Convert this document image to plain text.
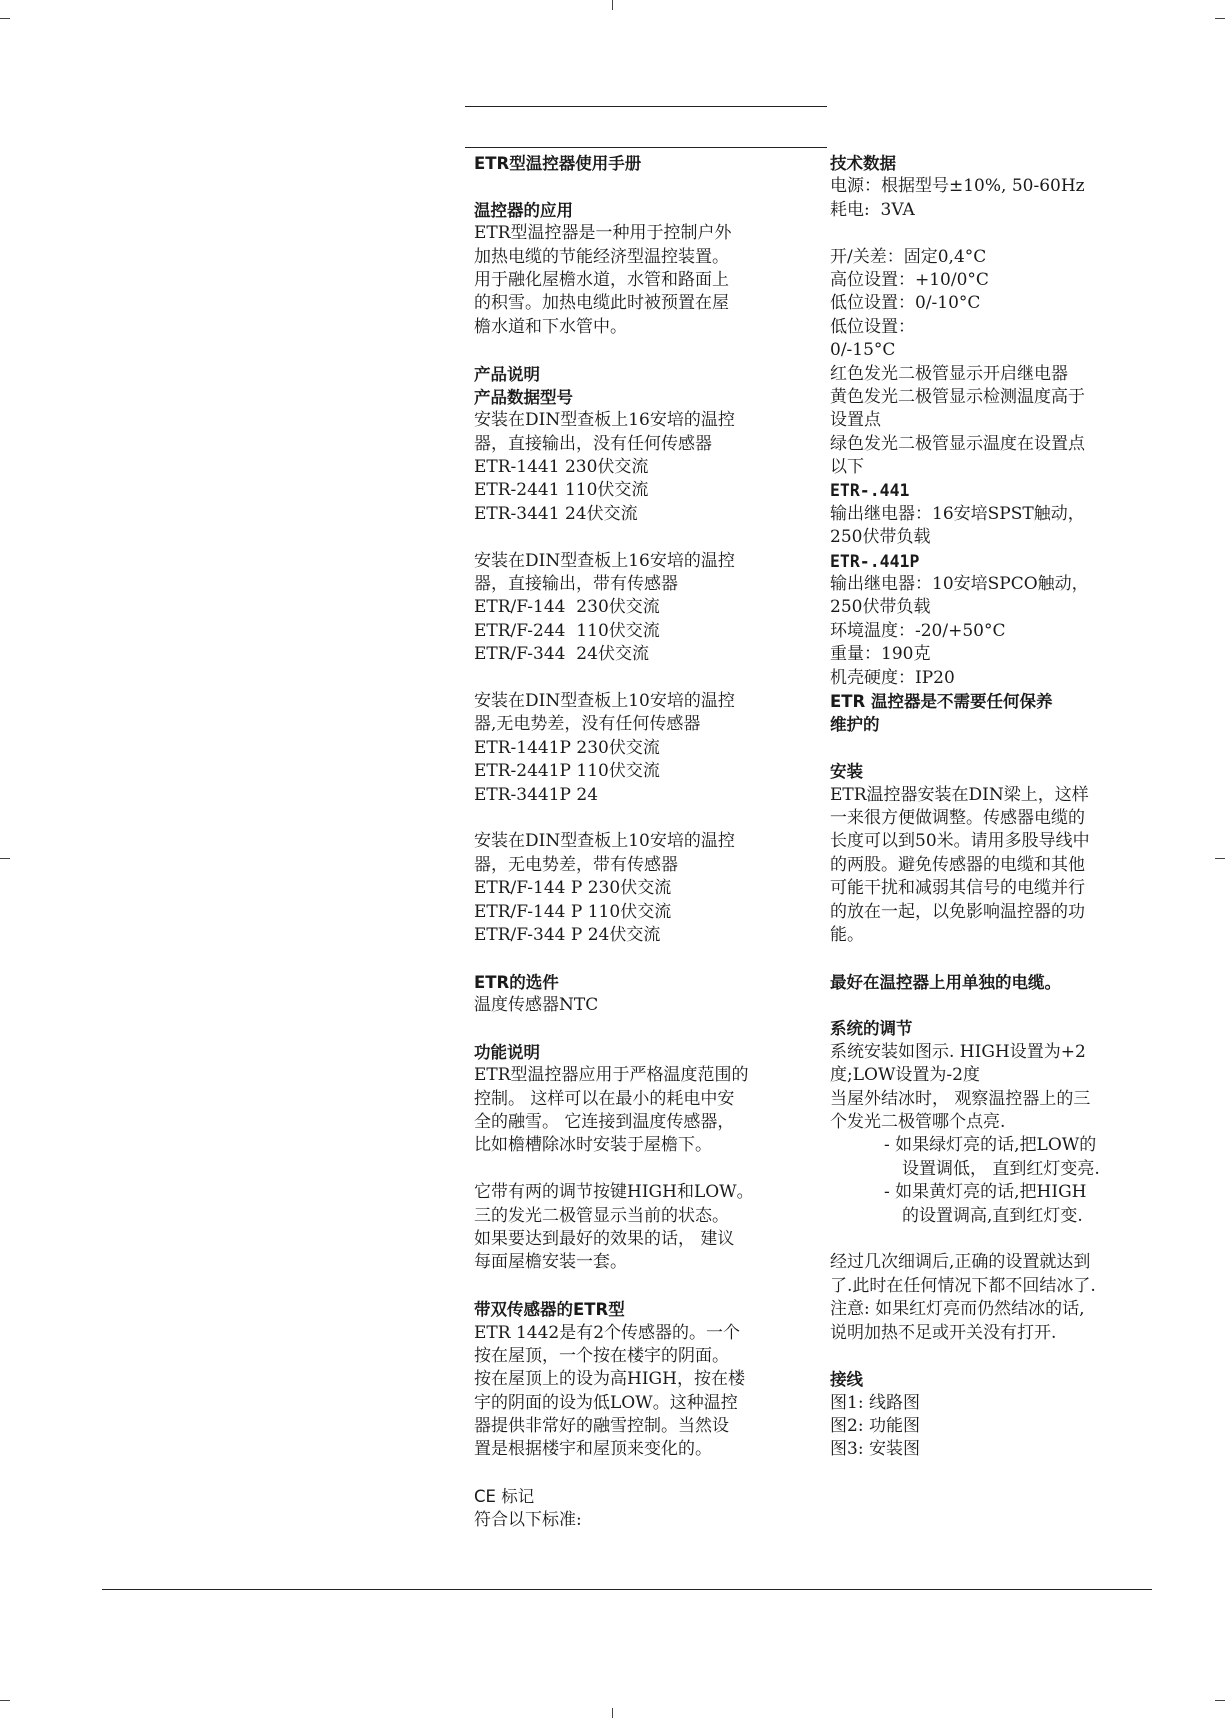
ETR型温控器使用手册
温控器的应用
ETR型温控器是一种用于控制户外
加热电缆的节能经济型温控装置。
用于融化屋檐水道，水管和路面上
的积雪。加热电缆此时被预置在屋
檐水道和下水管中。
产品说明
产品数据型号
安装在DIN型查板上16安培的温控
器，直接输出，没有任何传感器
ETR-1441 230伏交流
ETR-2441 110伏交流
ETR-3441 24伏交流
安装在DIN型查板上16安培的温控
器，直接输出，带有传感器
ETR/F-144  230伏交流
ETR/F-244  110伏交流
ETR/F-344  24伏交流
安装在DIN型查板上10安培的温控
器,无电势差，没有任何传感器
ETR-1441P 230伏交流
ETR-2441P 110伏交流
ETR-3441P 24
安装在DIN型查板上10安培的温控
器，无电势差，带有传感器
ETR/F-144 P 230伏交流
ETR/F-144 P 110伏交流
ETR/F-344 P 24伏交流
ETR的选件
温度传感器NTC
功能说明
ETR型温控器应用于严格温度范围的
控制。 这样可以在最小的耗电中安
全的融雪。 它连接到温度传感器，
比如檐槽除冰时安装于屋檐下。
它带有两的调节按键HIGH和LOW。
三的发光二极管显示当前的状态。
如果要达到最好的效果的话， 建议
每面屋檐安装一套。
带双传感器的ETR型
ETR 1442是有2个传感器的。一个
按在屋顶，一个按在楼宇的阴面。
按在屋顶上的设为高HIGH，按在楼
宇的阴面的设为低LOW。这种温控
器提供非常好的融雪控制。当然设
置是根据楼宇和屋顶来变化的。
CE 标记
符合以下标准:
技术数据
电源：根据型号±10%, 50-60Hz
耗电:  3VA
开/关差：固定0,4°C
高位设置：+10/0°C
低位设置：0/-10°C
低位设置：
0/-15°C
红色发光二极管显示开启继电器
黄色发光二极管显示检测温度高于
设置点
绿色发光二极管显示温度在设置点
以下
ETR-.441
输出继电器：16安培SPST触动，
250伏带负载
ETR-.441P
输出继电器：10安培SPCO触动，
250伏带负载
环境温度：-20/+50°C
重量：190克
机壳硬度：IP20
ETR 温控器是不需要任何保养
维护的
安装
ETR温控器安装在DIN梁上，这样
一来很方便做调整。传感器电缆的
长度可以到50米。请用多股导线中
的两股。避免传感器的电缆和其他
可能干扰和减弱其信号的电缆并行
的放在一起，以免影响温控器的功
能。
最好在温控器上用单独的电缆。
系统的调节
系统安装如图示. HIGH设置为+2
度;LOW设置为-2度
当屋外结冰时， 观察温控器上的三
个发光二极管哪个点亮.
- 如果绿灯亮的话,把LOW的
设置调低， 直到红灯变亮.
- 如果黄灯亮的话,把HIGH
的设置调高,直到红灯变.
经过几次细调后,正确的设置就达到
了.此时在任何情况下都不回结冰了.
注意: 如果红灯亮而仍然结冰的话,
说明加热不足或开关没有打开.
接线
图1: 线路图
图2: 功能图
图3: 安装图
